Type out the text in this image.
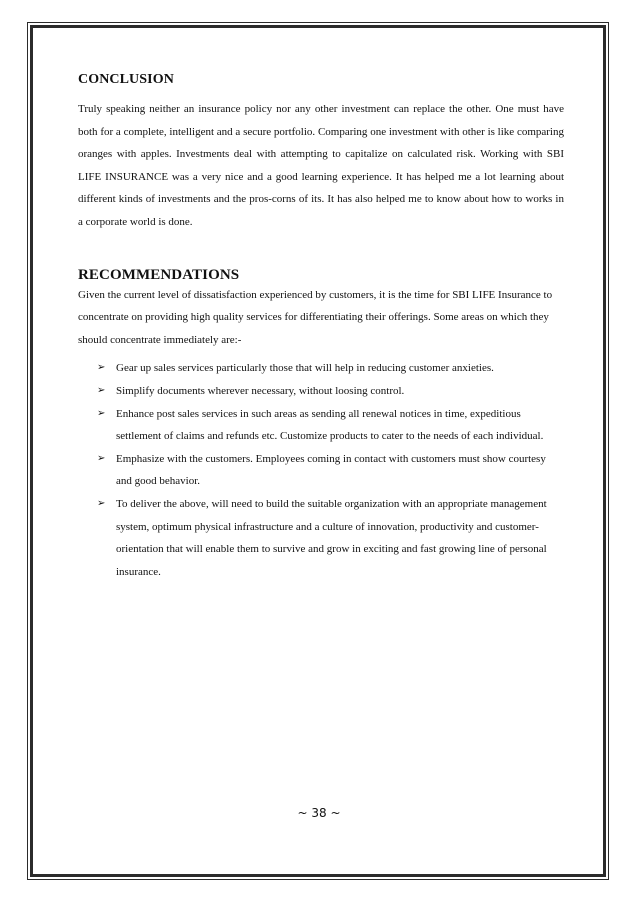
CONCLUSION

Truly speaking neither an insurance policy nor any other investment can replace the other. One must have both for a complete, intelligent and a secure portfolio. Comparing one investment with other is like comparing oranges with apples. Investments deal with attempting to capitalize on calculated risk. Working with SBI LIFE INSURANCE was a very nice and a good learning experience. It has helped me a lot learning about different kinds of investments and the pros-corns of its. It has also helped me to know about how to works in a corporate world is done.

RECOMMENDATIONS

Given the current level of dissatisfaction experienced by customers, it is the time for SBI LIFE Insurance to concentrate on providing high quality services for differentiating their offerings. Some areas on which they should concentrate immediately are:-

➢ Gear up sales services particularly those that will help in reducing customer anxieties.
➢ Simplify documents wherever necessary, without loosing control.
➢ Enhance post sales services in such areas as sending all renewal notices in time, expeditious settlement of claims and refunds etc. Customize products to cater to the needs of each individual.
➢ Emphasize with the customers. Employees coming in contact with customers must show courtesy and good behavior.
➢ To deliver the above, will need to build the suitable organization with an appropriate management system, optimum physical infrastructure and a culture of innovation, productivity and customer-orientation that will enable them to survive and grow in exciting and fast growing line of personal insurance.
~ 38 ~
